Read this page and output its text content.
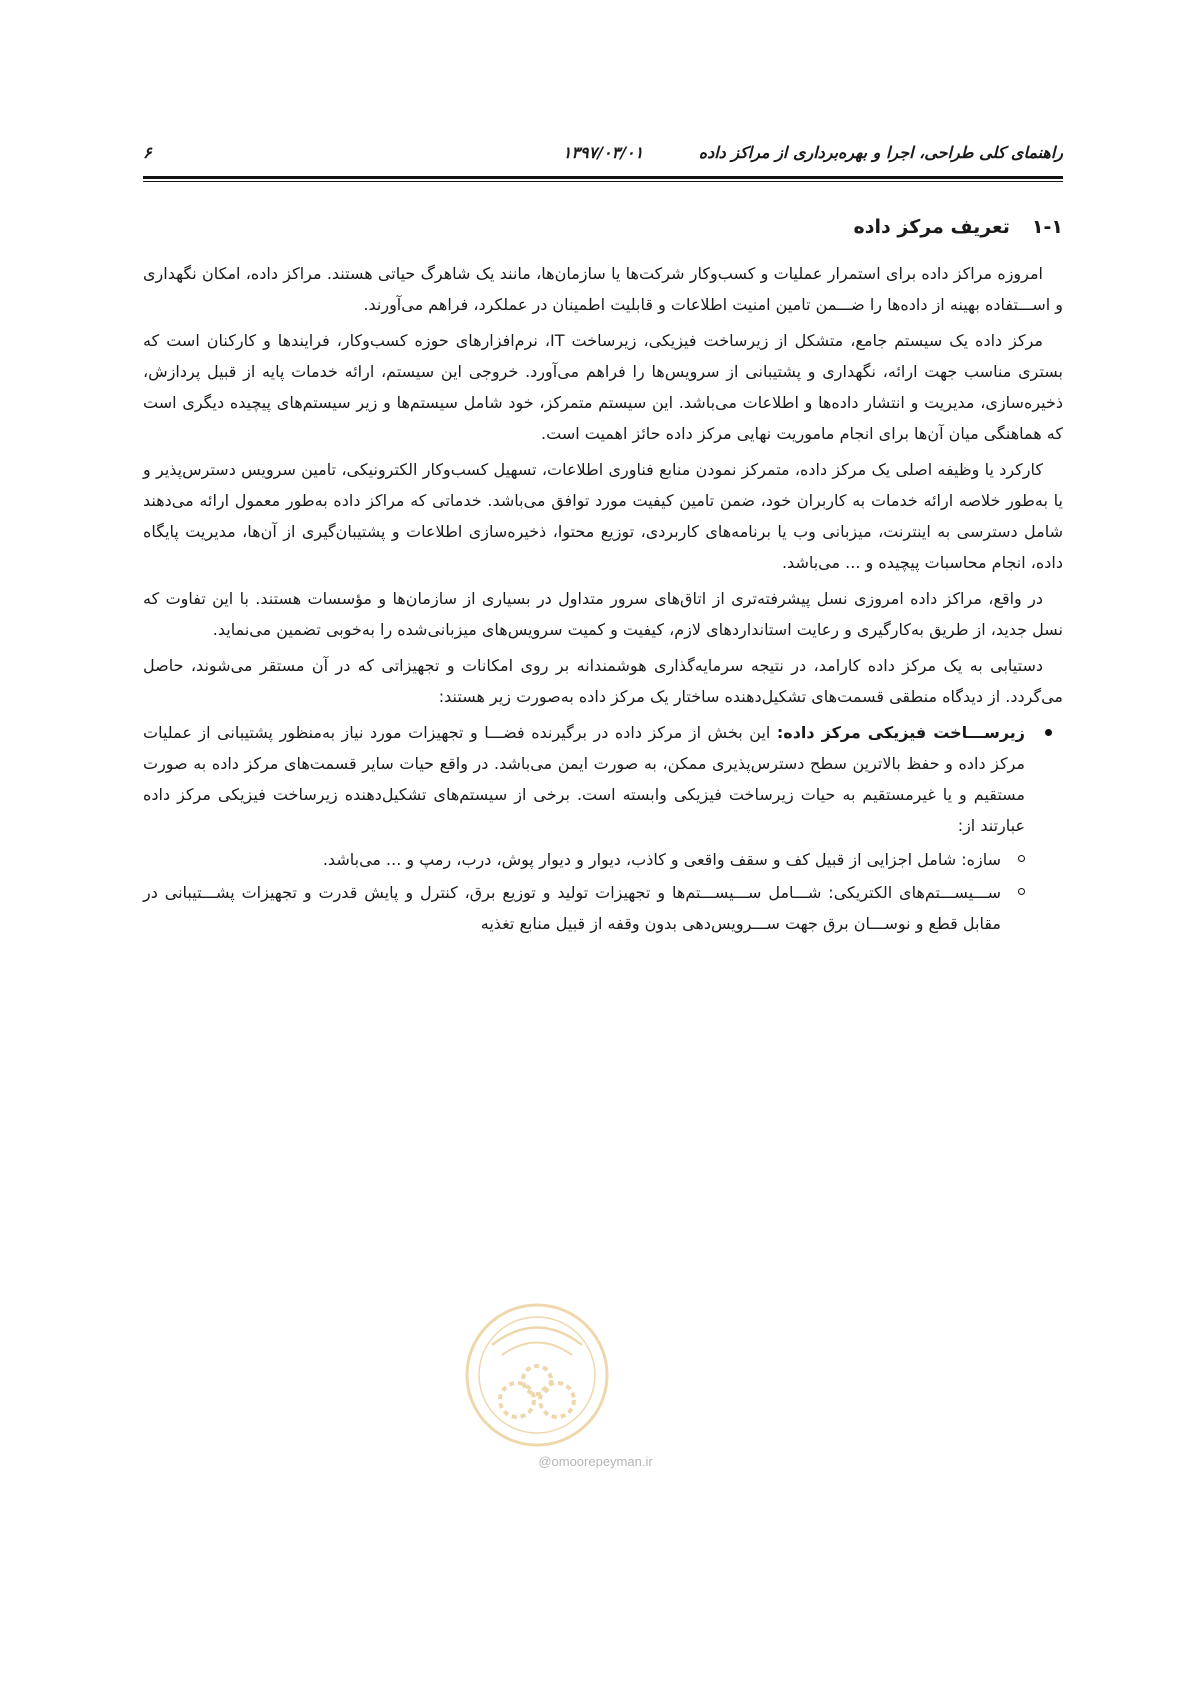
راهنمای کلی طراحی، اجرا و بهره‌برداری از مراکز داده
۱۳۹۷/۰۳/۰۱
۶
۱-۱تعریف مرکز داده

امروزه مراکز داده برای استمرار عملیات و کسب‌وکار شرکت‌ها یا سازمان‌ها، مانند یک شاهرگ حیاتی هستند. مراکز داده، امکان نگهداری و اســـتفاده بهینه از داده‌ها را ضـــمن تامین امنیت اطلاعات و قابلیت اطمینان در عملکرد، فراهم می‌آورند.

مرکز داده یک سیستم جامع، متشکل از زیرساخت فیزیکی، زیرساخت IT، نرم‌افزارهای حوزه کسب‌وکار، فرایندها و کارکنان است که بستری مناسب جهت ارائه، نگهداری و پشتیبانی از سرویس‌ها را فراهم می‌آورد. خروجی این سیستم، ارائه خدمات پایه از قبیل پردازش، ذخیره‌سازی، مدیریت و انتشار داده‌ها و اطلاعات می‌باشد. این سیستم متمرکز، خود شامل سیستم‌ها و زیر سیستم‌های پیچیده دیگری است که هماهنگی میان آن‌ها برای انجام ماموریت نهایی مرکز داده حائز اهمیت است.

کارکرد یا وظیفه اصلی یک مرکز داده، متمرکز نمودن منابع فناوری اطلاعات، تسهیل کسب‌وکار الکترونیکی، تامین سرویس دسترس‌پذیر و یا به‌طور خلاصه ارائه خدمات به کاربران خود، ضمن تامین کیفیت مورد توافق می‌باشد. خدماتی که مراکز داده به‌طور معمول ارائه می‌دهند شامل دسترسی به اینترنت، میزبانی وب یا برنامه‌های کاربردی، توزیع محتوا، ذخیره‌سازی اطلاعات و پشتیبان‌گیری از آن‌ها، مدیریت پایگاه داده، انجام محاسبات پیچیده و ... می‌باشد.

در واقع، مراکز داده امروزی نسل پیشرفته‌تری از اتاق‌های سرور متداول در بسیاری از سازمان‌ها و مؤسسات هستند. با این تفاوت که نسل جدید، از طریق به‌کارگیری و رعایت استانداردهای لازم، کیفیت و کمیت سرویس‌های میزبانی‌شده را به‌خوبی تضمین می‌نماید.

دستیابی به یک مرکز داده کارامد، در نتیجه سرمایه‌گذاری هوشمندانه بر روی امکانات و تجهیزاتی که در آن مستقر می‌شوند، حاصل می‌گردد. از دیدگاه منطقی قسمت‌های تشکیل‌دهنده ساختار یک مرکز داده به‌صورت زیر هستند:

زیرســـاخت فیزیکی مرکز داده: این بخش از مرکز داده در برگیرنده فضـــا و تجهیزات مورد نیاز به‌منظور پشتیبانی از عملیات مرکز داده و حفظ بالاترین سطح دسترس‌پذیری ممکن، به صورت ایمن می‌باشد. در واقع حیات سایر قسمت‌های مرکز داده به صورت مستقیم و یا غیرمستقیم به حیات زیرساخت فیزیکی وابسته است. برخی از سیستم‌های تشکیل‌دهنده زیرساخت فیزیکی مرکز داده عبارتند از:
سازه: شامل اجزایی از قبیل کف و سقف واقعی و کاذب، دیوار و دیوار پوش، درب، رمپ و ... می‌باشد.
ســـیســـتم‌های الکتریکی: شـــامل ســـیســـتم‌ها و تجهیزات تولید و توزیع برق، کنترل و پایش قدرت و تجهیزات پشـــتیبانی در مقابل قطع و نوســـان برق جهت ســـرویس‌دهی بدون وقفه از قبیل منابع تغذیه
@omoorepeyman.ir
